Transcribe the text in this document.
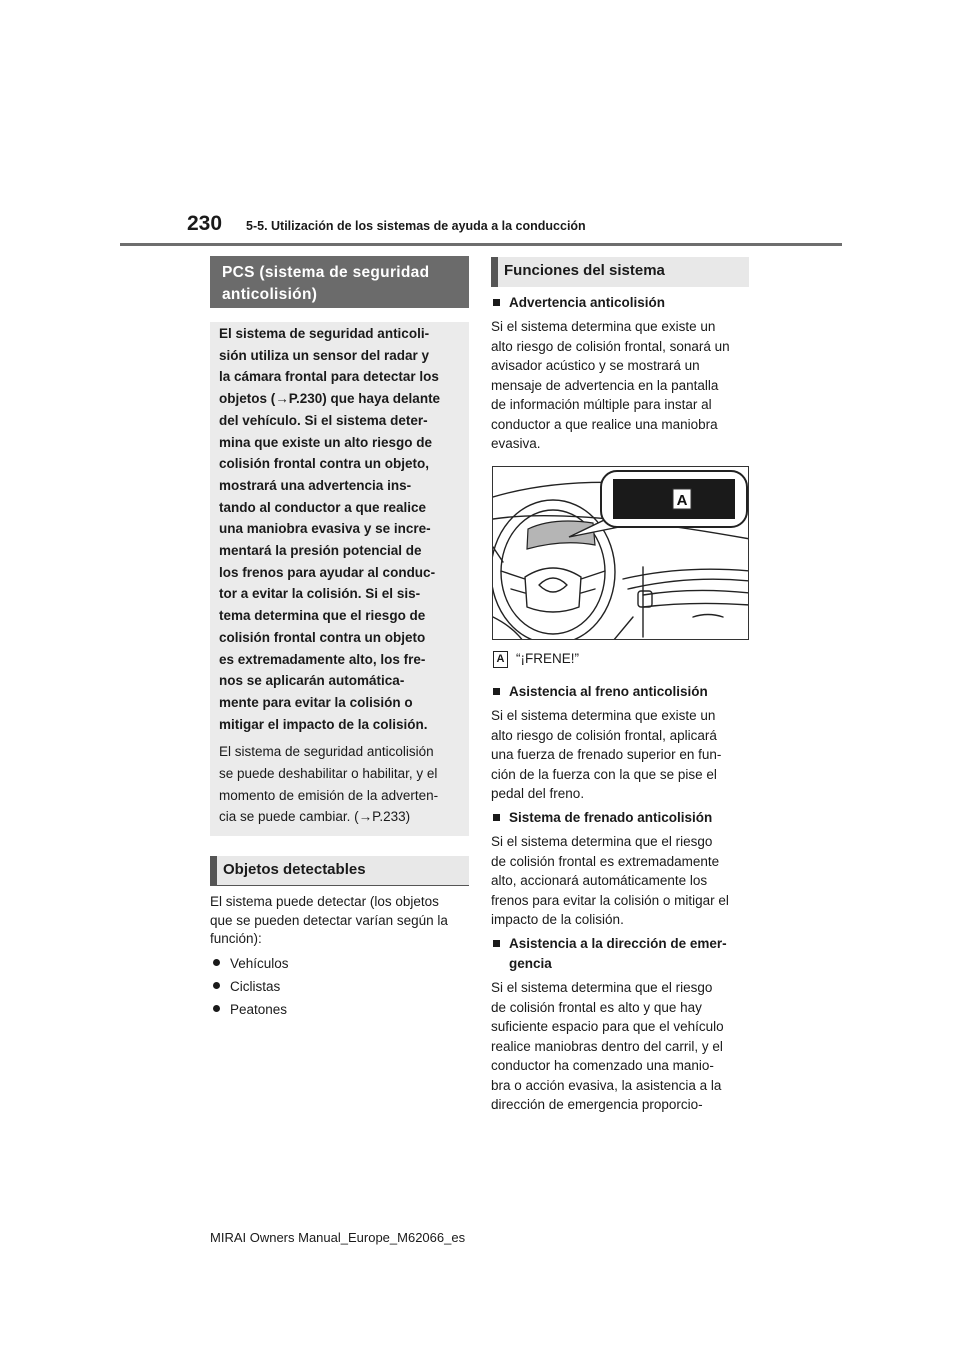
230 5-5. Utilización de los sistemas de ayuda a la conducción
PCS (sistema de seguridad
anticolisión)

El sistema de seguridad anticoli-

sión utiliza un sensor del radar y

la cámara frontal para detectar los

objetos (→P.230) que haya delante

del vehículo. Si el sistema deter-

mina que existe un alto riesgo de

colisión frontal contra un objeto,

mostrará una advertencia ins-

tando al conductor a que realice

una maniobra evasiva y se incre-

mentará la presión potencial de

los frenos para ayudar al conduc-

tor a evitar la colisión. Si el sis-

tema determina que el riesgo de

colisión frontal contra un objeto

es extremadamente alto, los fre-

nos se aplicarán automática-

mente para evitar la colisión o

mitigar el impacto de la colisión.

El sistema de seguridad anticolisión

se puede deshabilitar o habilitar, y el

momento de emisión de la adverten-

cia se puede cambiar. (→P.233)

Objetos detectables

El sistema puede detectar (los objetos

que se pueden detectar varían según la

función):

Vehículos

Ciclistas

Peatones

Funciones del sistema

Advertencia anticolisión

Si el sistema determina que existe un

alto riesgo de colisión frontal, sonará un

avisador acústico y se mostrará un

mensaje de advertencia en la pantalla

de información múltiple para instar al

conductor a que realice una maniobra

evasiva.

A
A “¡FRENE!”

Asistencia al freno anticolisión

Si el sistema determina que existe un

alto riesgo de colisión frontal, aplicará

una fuerza de frenado superior en fun-

ción de la fuerza con la que se pise el

pedal del freno.

Sistema de frenado anticolisión

Si el sistema determina que el riesgo

de colisión frontal es extremadamente

alto, accionará automáticamente los

frenos para evitar la colisión o mitigar el

impacto de la colisión.

Asistencia a la dirección de emer-

gencia

Si el sistema determina que el riesgo

de colisión frontal es alto y que hay

suficiente espacio para que el vehículo

realice maniobras dentro del carril, y el

conductor ha comenzado una manio-

bra o acción evasiva, la asistencia a la

dirección de emergencia proporcio-

MIRAI Owners Manual_Europe_M62066_es
